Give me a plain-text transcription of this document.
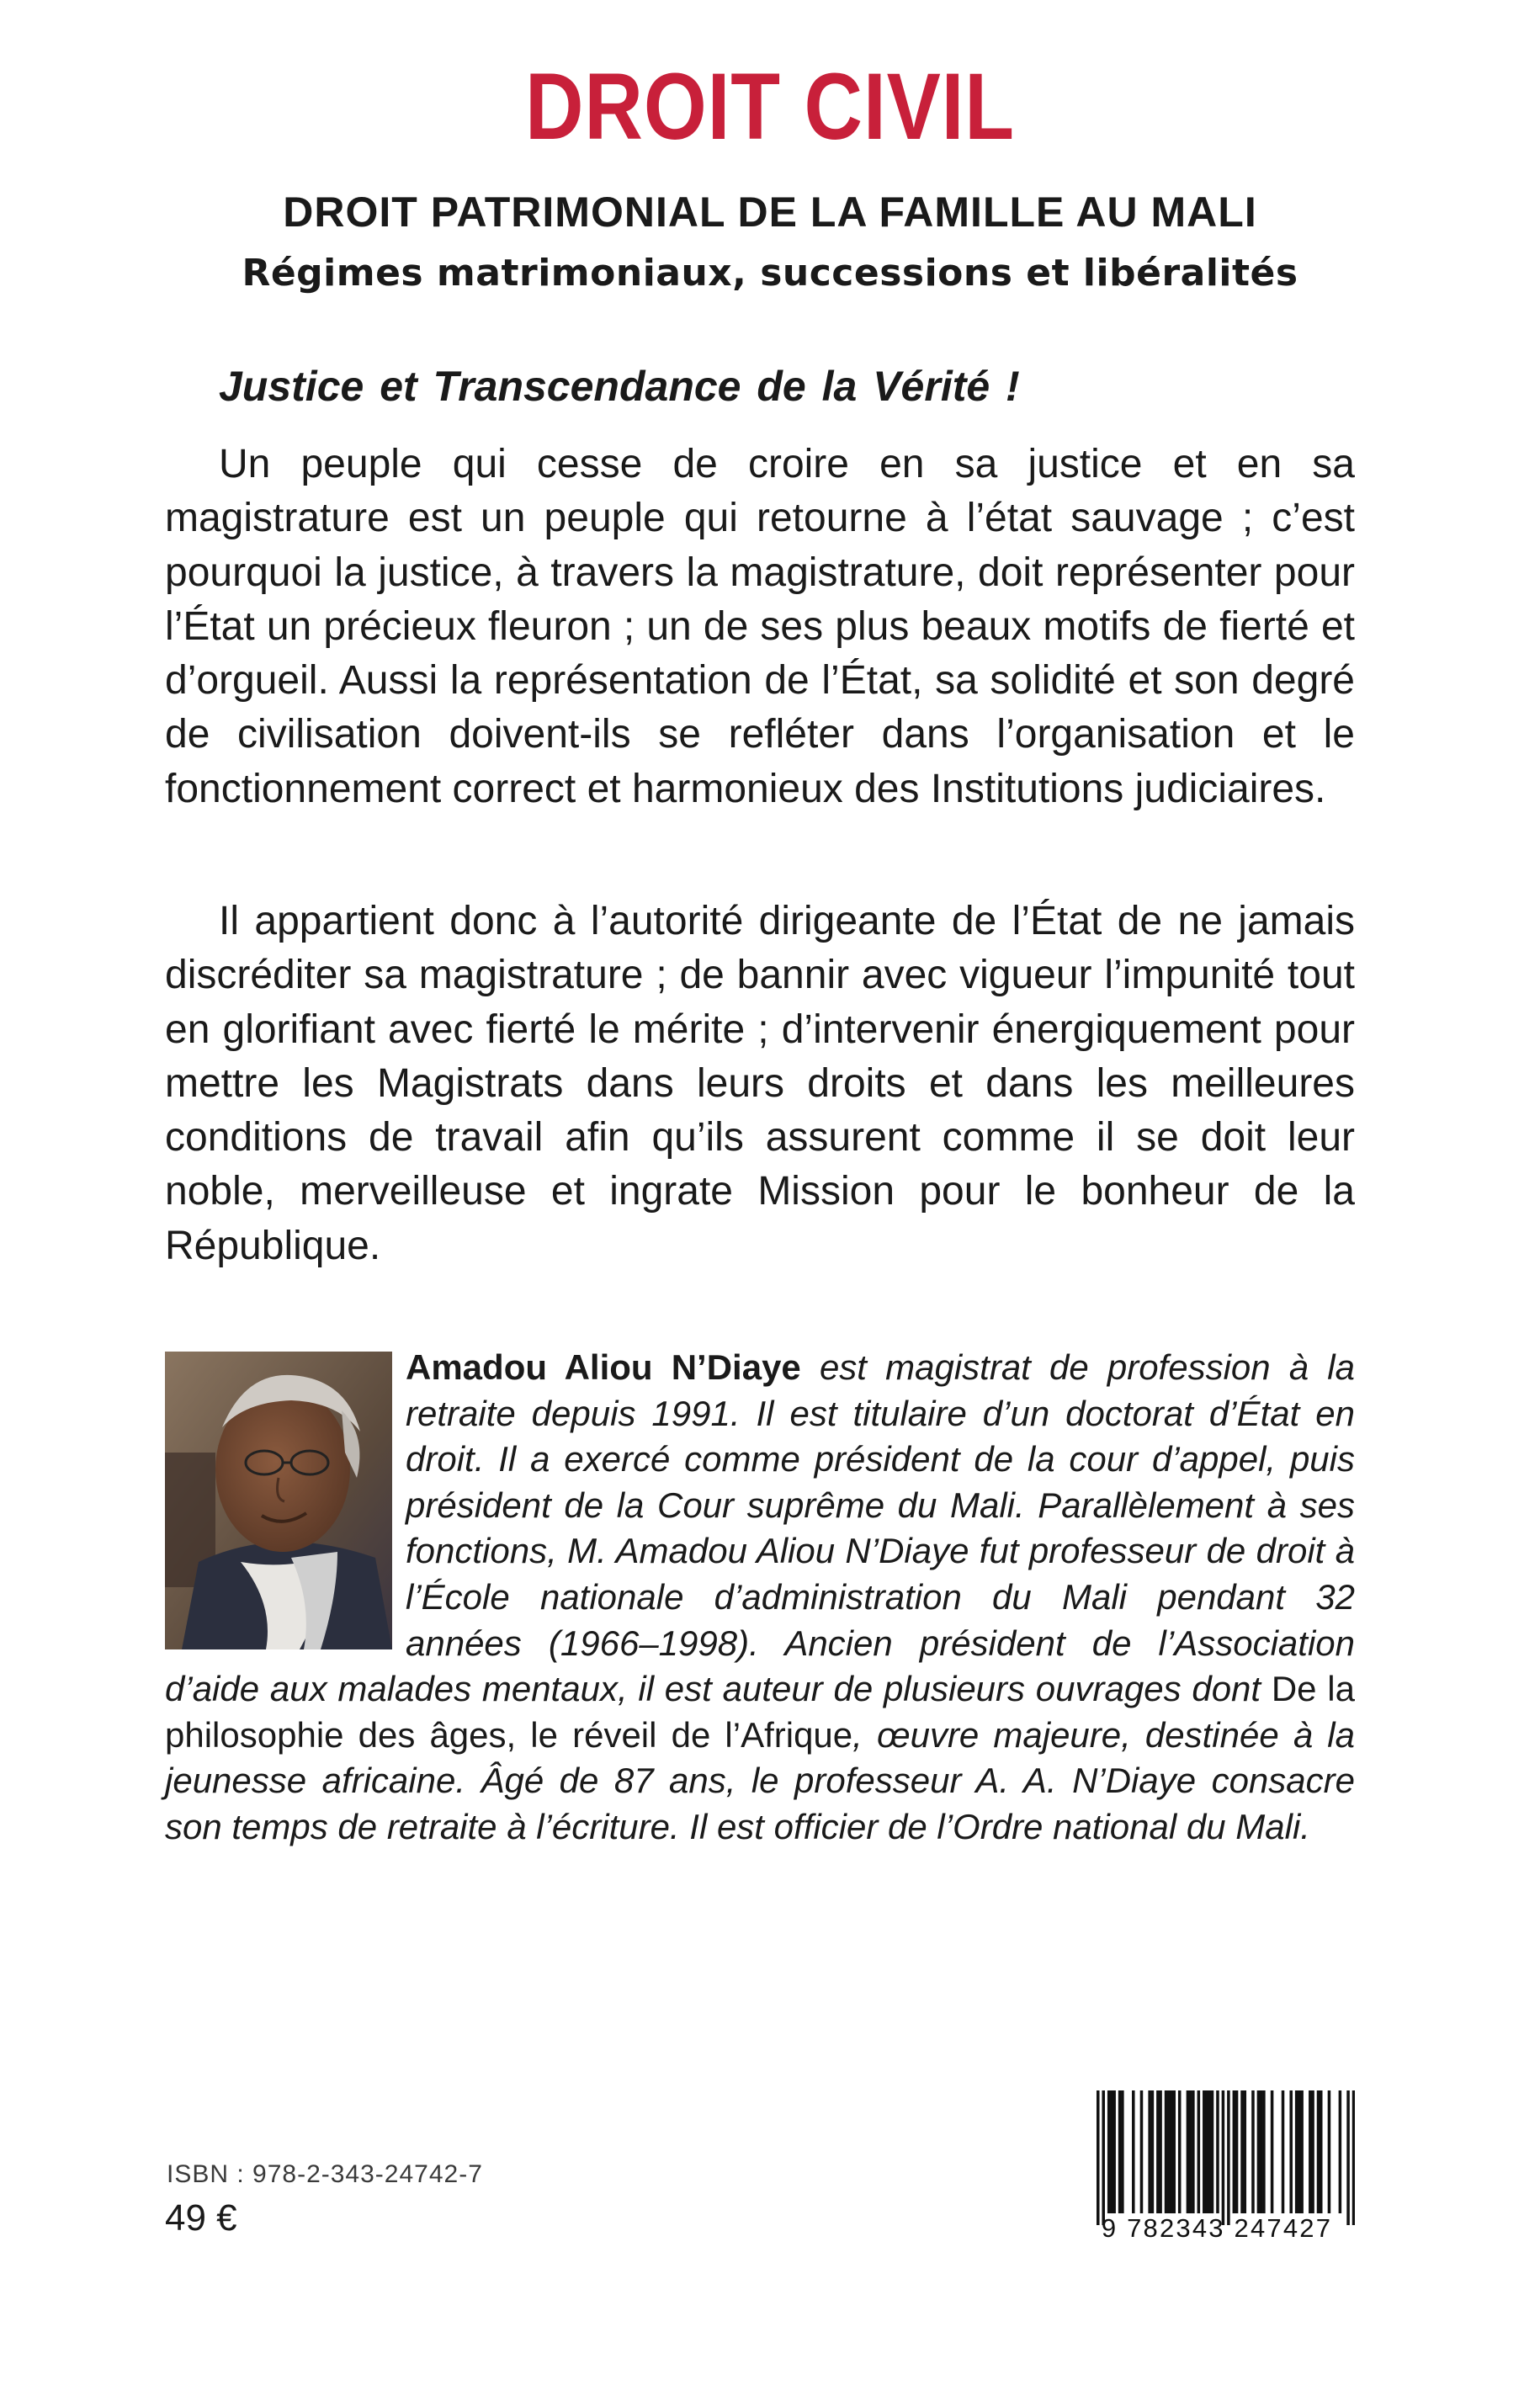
DROIT CIVIL
DROIT PATRIMONIAL DE LA FAMILLE AU MALI
Régimes matrimoniaux, successions et libéralités
Justice et Transcendance de la Vérité !

Un peuple qui cesse de croire en sa justice et en sa magistrature est un peuple qui retourne à l’état sauvage ; c’est pourquoi la justice, à travers la magistrature, doit représenter pour l’État un précieux fleuron ; un de ses plus beaux motifs de fierté et d’orgueil. Aussi la représentation de l’État, sa solidité et son degré de civilisation doivent-ils se refléter dans l’organisation et le fonctionnement correct et harmonieux des Institutions judiciaires.

Il appartient donc à l’autorité dirigeante de l’État de ne jamais discréditer sa magistrature ; de bannir avec vigueur l’impunité tout en glorifiant avec fierté le mérite ; d’intervenir énergiquement pour mettre les Magistrats dans leurs droits et dans les meilleures conditions de travail afin qu’ils assurent comme il se doit leur noble, merveilleuse et ingrate Mission pour le bonheur de la République.

Amadou Aliou N’Diaye est magistrat de profession à la retraite depuis 1991. Il est titulaire d’un doctorat d’État en droit. Il a exercé comme président de la cour d’appel, puis président de la Cour suprême du Mali. Parallèlement à ses fonctions, M. Amadou Aliou N’Diaye fut professeur de droit à l’École nationale d’administration du Mali pendant 32 années (1966–1998). Ancien président de l’Association d’aide aux malades mentaux, il est auteur de plusieurs ouvrages dont De la philosophie des âges, le réveil de l’Afrique, œuvre majeure, destinée à la jeunesse africaine. Âgé de 87 ans, le professeur A. A. N’Diaye consacre son temps de retraite à l’écriture. Il est officier de l’Ordre national du Mali.

ISBN : 978-2-343-24742-7
49 €	9 782343 247427
